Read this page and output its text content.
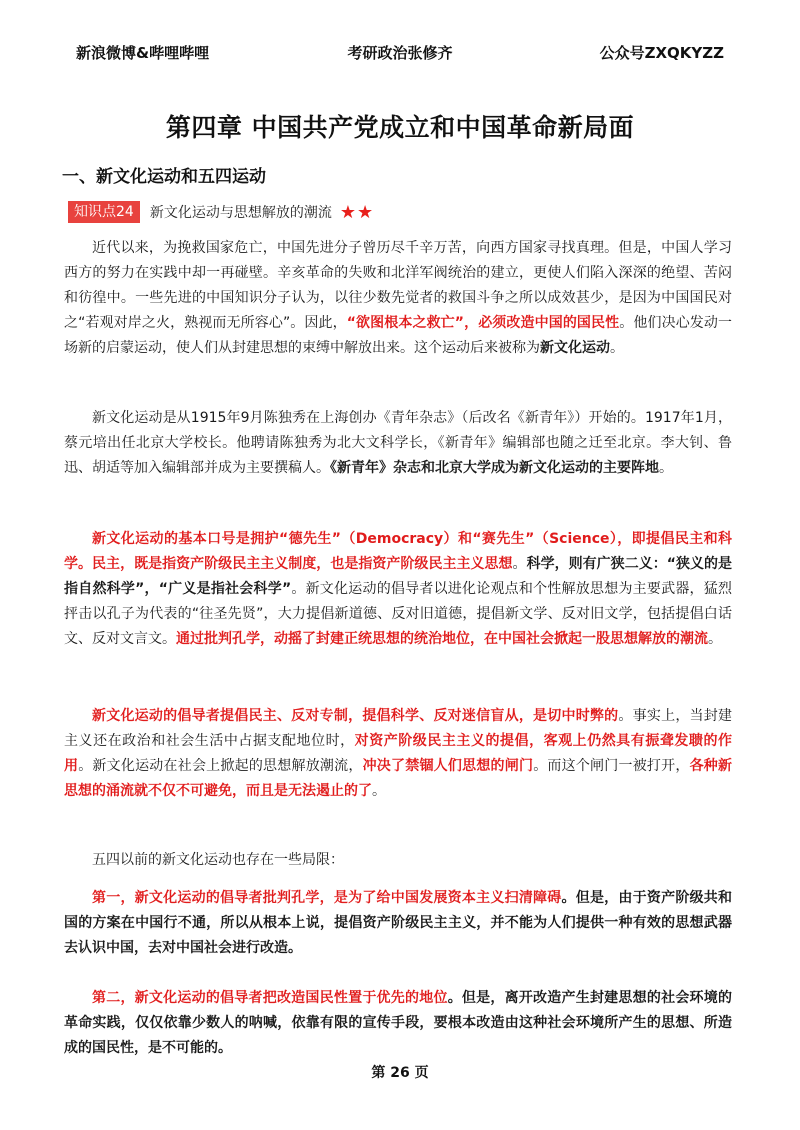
新浪微博&哔哩哔哩	考研政治张修齐	公众号ZXQKYZZ
第四章 中国共产党成立和中国革命新局面
一、新文化运动和五四运动
知识点24	新文化运动与思想解放的潮流 ★★
近代以来，为挽救国家危亡，中国先进分子曾历尽千辛万苦，向西方国家寻找真理。但是，中国人学习西方的努力在实践中却一再碰壁。辛亥革命的失败和北洋军阀统治的建立，更使人们陷入深深的绝望、苦闷和彷徨中。一些先进的中国知识分子认为，以往少数先觉者的救国斗争之所以成效甚少，是因为中国国民对之“若观对岸之火，熟视而无所容心”。因此，“欲图根本之救亡”，必须改造中国的国民性。他们决心发动一场新的启蒙运动，使人们从封建思想的束缚中解放出来。这个运动后来被称为新文化运动。
新文化运动是从1915年9月陈独秀在上海创办《青年杂志》（后改名《新青年》）开始的。1917年1月，蔡元培出任北京大学校长。他聘请陈独秀为北大文科学长，《新青年》编辑部也随之迁至北京。李大钊、鲁迅、胡适等加入编辑部并成为主要撰稿人。《新青年》杂志和北京大学成为新文化运动的主要阵地。
新文化运动的基本口号是拥护“德先生”（Democracy）和“赛先生”（Science），即提倡民主和科学。民主，既是指资产阶级民主主义制度，也是指资产阶级民主主义思想。科学，则有广狭二义：“狭义的是指自然科学”，“广义是指社会科学”。新文化运动的倡导者以进化论观点和个性解放思想为主要武器，猛烈抨击以孔子为代表的“往圣先贤”，大力提倡新道德、反对旧道德，提倡新文学、反对旧文学，包括提倡白话文、反对文言文。通过批判孔学，动摇了封建正统思想的统治地位，在中国社会掀起一股思想解放的潮流。
新文化运动的倡导者提倡民主、反对专制，提倡科学、反对迷信盲从，是切中时弊的。事实上，当封建主义还在政治和社会生活中占据支配地位时，对资产阶级民主主义的提倡，客观上仍然具有振聋发聩的作用。新文化运动在社会上掀起的思想解放潮流，冲决了禁锢人们思想的闸门。而这个闸门一被打开，各种新思想的涌流就不仅不可避免，而且是无法遏止的了。
五四以前的新文化运动也存在一些局限：
第一，新文化运动的倡导者批判孔学，是为了给中国发展资本主义扫清障碍。但是，由于资产阶级共和国的方案在中国行不通，所以从根本上说，提倡资产阶级民主主义，并不能为人们提供一种有效的思想武器去认识中国，去对中国社会进行改造。
第二，新文化运动的倡导者把改造国民性置于优先的地位。但是，离开改造产生封建思想的社会环境的革命实践，仅仅依靠少数人的呐喊，依靠有限的宣传手段，要根本改造由这种社会环境所产生的思想、所造成的国民性，是不可能的。
第 26 页
